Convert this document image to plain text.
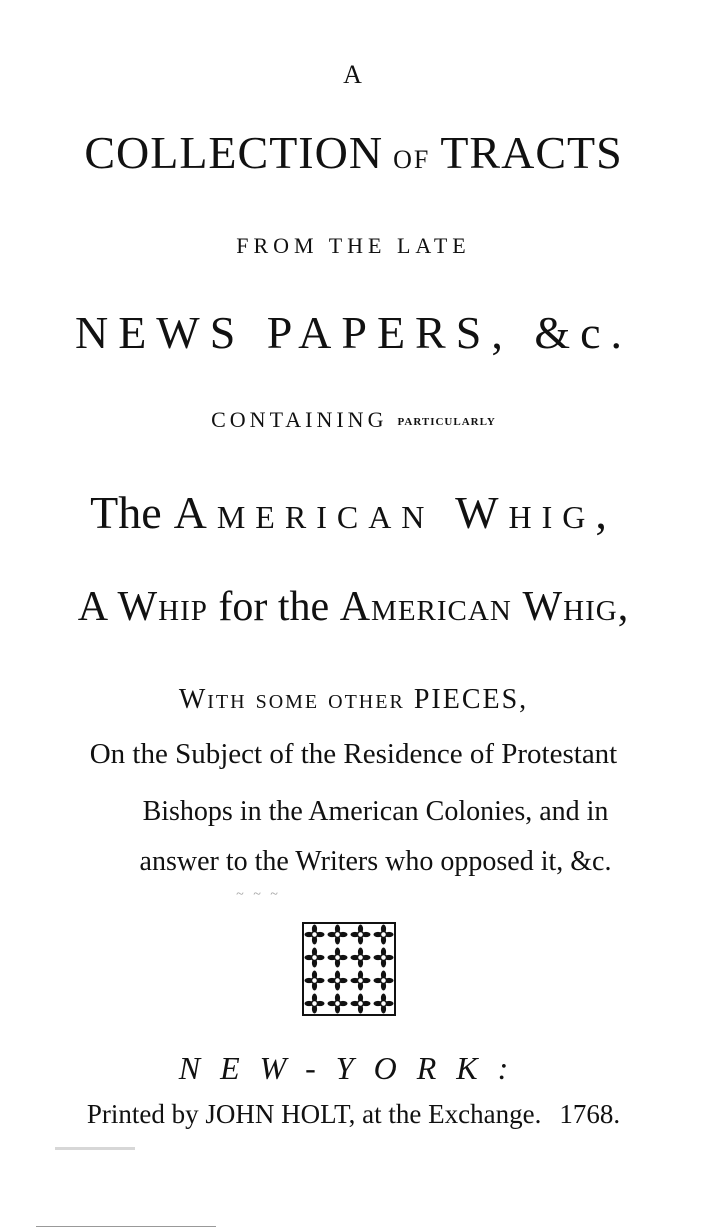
A
COLLECTION OF TRACTS
FROM THE LATE
NEWS PAPERS, &c.
CONTAINING PARTICULARLY
The American Whig,
A Whip for the American Whig,
With some other PIECES,
On the Subject of the Residence of Protestant
Bishops in the American Colonies, and in
answer to the Writers who opposed it, &c.
~ ~ ~
NEW-YORK:
Printed by JOHN HOLT, at the Exchange. 1768.
